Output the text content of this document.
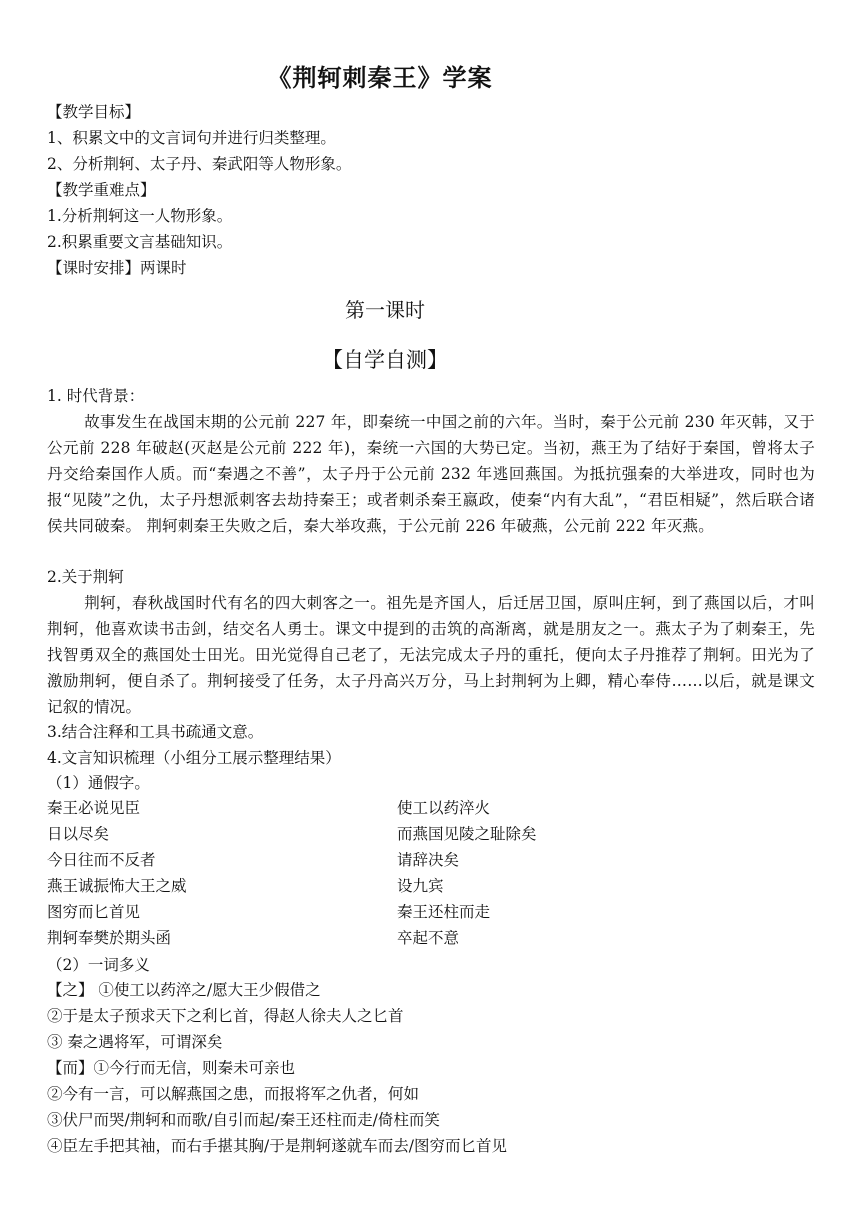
《荆轲刺秦王》学案
【教学目标】
1、积累文中的文言词句并进行归类整理。
2、分析荆轲、太子丹、秦武阳等人物形象。
【教学重难点】
1.分析荆轲这一人物形象。
2.积累重要文言基础知识。
【课时安排】两课时
第一课时
【自学自测】
1. 时代背景：
故事发生在战国末期的公元前 227 年，即秦统一中国之前的六年。当时，秦于公元前 230 年灭韩，又于公元前 228 年破赵(灭赵是公元前 222 年)，秦统一六国的大势已定。当初，燕王为了结好于秦国，曾将太子丹交给秦国作人质。而“秦遇之不善”，太子丹于公元前 232 年逃回燕国。为抵抗强秦的大举进攻，同时也为报“见陵”之仇，太子丹想派刺客去劫持秦王；或者刺杀秦王嬴政，使秦“内有大乱”，“君臣相疑”，然后联合诸侯共同破秦。 荆轲刺秦王失败之后，秦大举攻燕，于公元前 226 年破燕，公元前 222 年灭燕。
2.关于荆轲
荆轲，春秋战国时代有名的四大刺客之一。祖先是齐国人，后迁居卫国，原叫庄轲，到了燕国以后，才叫荆轲，他喜欢读书击剑，结交名人勇士。课文中提到的击筑的高渐离，就是朋友之一。燕太子为了刺秦王，先找智勇双全的燕国处士田光。田光觉得自己老了，无法完成太子丹的重托，便向太子丹推荐了荆轲。田光为了激励荆轲，便自杀了。荆轲接受了任务，太子丹高兴万分，马上封荆轲为上卿，精心奉侍……以后，就是课文记叙的情况。
3.结合注释和工具书疏通文意。
4.文言知识梳理（小组分工展示整理结果）
（1）通假字。
秦王必说见臣	使工以药淬火
日以尽矣	而燕国见陵之耻除矣
今日往而不反者	请辞决矣
燕王诚振怖大王之威	设九宾
图穷而匕首见	秦王还柱而走
荆轲奉樊於期头函	卒起不意
（2）一词多义
【之】 ①使工以药淬之/愿大王少假借之
②于是太子预求天下之利匕首，得赵人徐夫人之匕首
③ 秦之遇将军，可谓深矣
【而】①今行而无信，则秦未可亲也
②今有一言，可以解燕国之患，而报将军之仇者，何如
③伏尸而哭/荆轲和而歌/自引而起/秦王还柱而走/倚柱而笑
④臣左手把其袖，而右手揕其胸/于是荆轲遂就车而去/图穷而匕首见
